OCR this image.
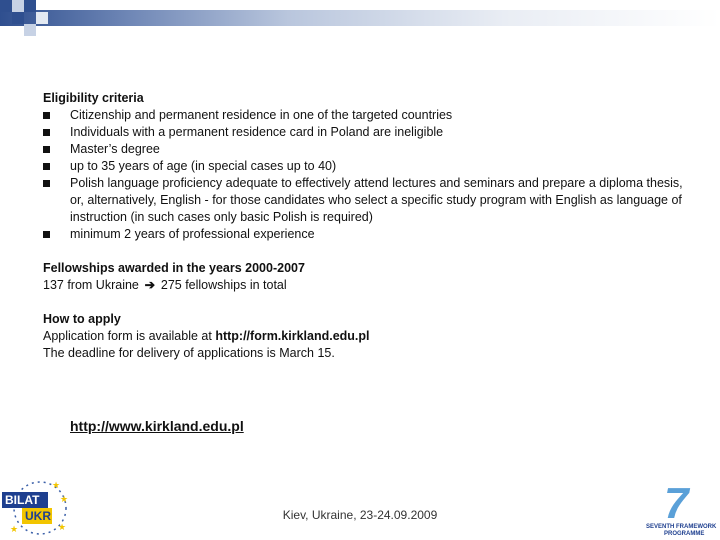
Eligibility criteria
Citizenship and permanent residence in one of the targeted countries
Individuals with a permanent residence card in Poland are ineligible
Master’s degree
up to 35 years of age (in special cases up to 40)
Polish language proficiency adequate to effectively attend lectures and seminars and prepare a diploma thesis, or, alternatively, English - for those candidates who select a specific study program with English as language of instruction (in such cases only basic Polish is required)
minimum 2 years of professional experience
Fellowships awarded in the years 2000-2007
137 from Ukraine ➔ 275 fellowships in total
How to apply
Application form is available at http://form.kirkland.edu.pl
The deadline for delivery of applications is March 15.
http://www.kirkland.edu.pl
Kiev, Ukraine, 23-24.09.2009
BILAT
UKR
★
★
★
★
7
SEVENTH FRAMEWORK
PROGRAMME
